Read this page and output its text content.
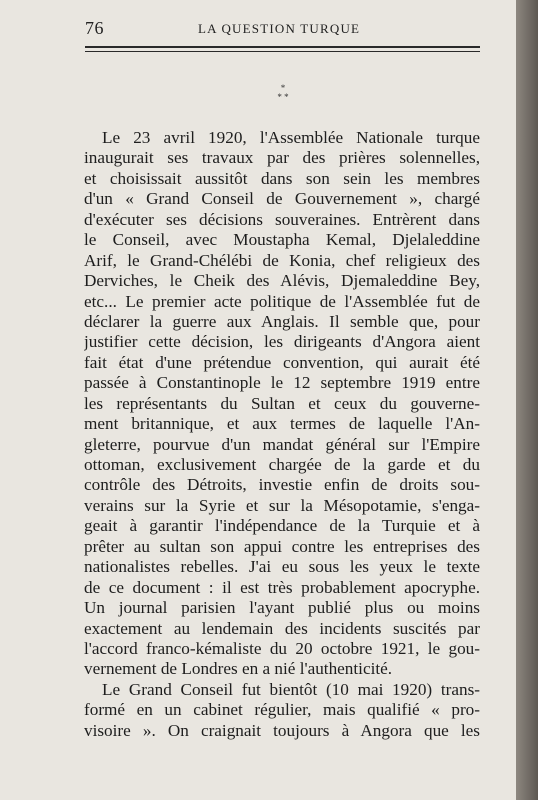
76	LA QUESTION TURQUE
*
* *
Le 23 avril 1920, l'Assemblée Nationale turque
inaugurait ses travaux par des prières solennelles,
et choisissait aussitôt dans son sein les membres
d'un « Grand Conseil de Gouvernement », chargé
d'exécuter ses décisions souveraines. Entrèrent dans
le Conseil, avec Moustapha Kemal, Djelaleddine
Arif, le Grand-Chélébi de Konia, chef religieux des
Derviches, le Cheik des Alévis, Djemaleddine Bey,
etc... Le premier acte politique de l'Assemblée fut de
déclarer la guerre aux Anglais. Il semble que, pour
justifier cette décision, les dirigeants d'Angora aient
fait état d'une prétendue convention, qui aurait été
passée à Constantinople le 12 septembre 1919 entre
les représentants du Sultan et ceux du gouverne-
ment britannique, et aux termes de laquelle l'An-
gleterre, pourvue d'un mandat général sur l'Empire
ottoman, exclusivement chargée de la garde et du
contrôle des Détroits, investie enfin de droits sou-
verains sur la Syrie et sur la Mésopotamie, s'enga-
geait à garantir l'indépendance de la Turquie et à
prêter au sultan son appui contre les entreprises des
nationalistes rebelles. J'ai eu sous les yeux le texte
de ce document : il est très probablement apocryphe.
Un journal parisien l'ayant publié plus ou moins
exactement au lendemain des incidents suscités par
l'accord franco-kémaliste du 20 octobre 1921, le gou-
vernement de Londres en a nié l'authenticité.
Le Grand Conseil fut bientôt (10 mai 1920) trans-
formé en un cabinet régulier, mais qualifié « pro-
visoire ». On craignait toujours à Angora que les
